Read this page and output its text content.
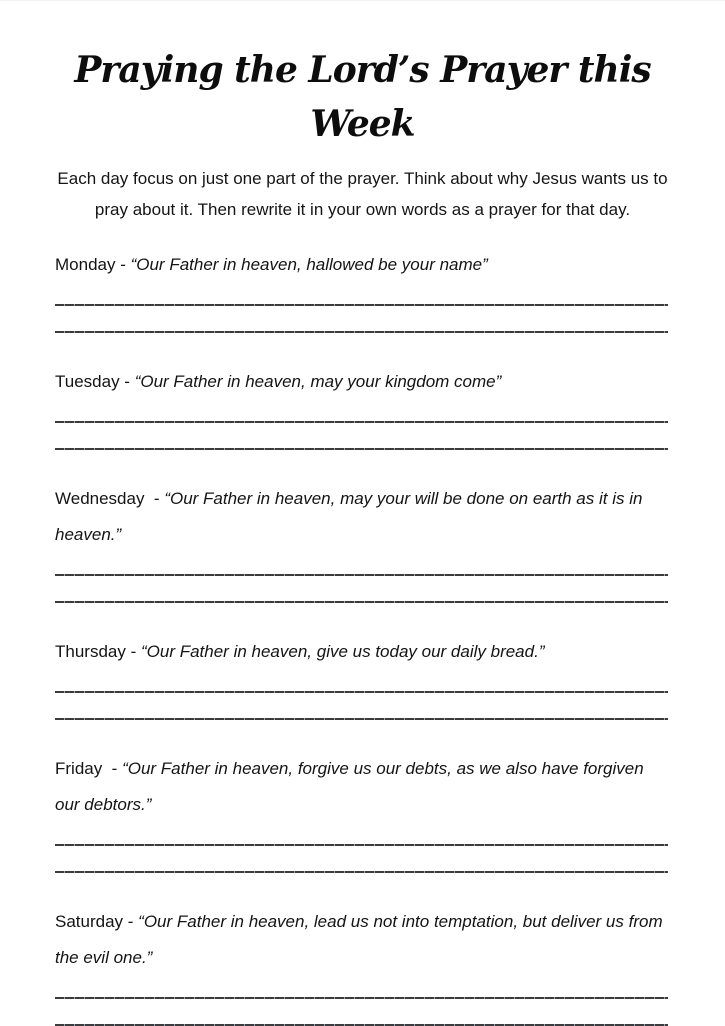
Praying the Lord’s Prayer this Week
Each day focus on just one part of the prayer. Think about why Jesus wants us to
pray about it. Then rewrite it in your own words as a prayer for that day.

Monday - “Our Father in heaven, hallowed be your name”

Tuesday - “Our Father in heaven, may your kingdom come”

Wednesday  - “Our Father in heaven, may your will be done on earth as it is in heaven.”

Thursday - “Our Father in heaven, give us today our daily bread.”

Friday  - “Our Father in heaven, forgive us our debts, as we also have forgiven our debtors.”

Saturday - “Our Father in heaven, lead us not into temptation, but deliver us from the evil one.”
